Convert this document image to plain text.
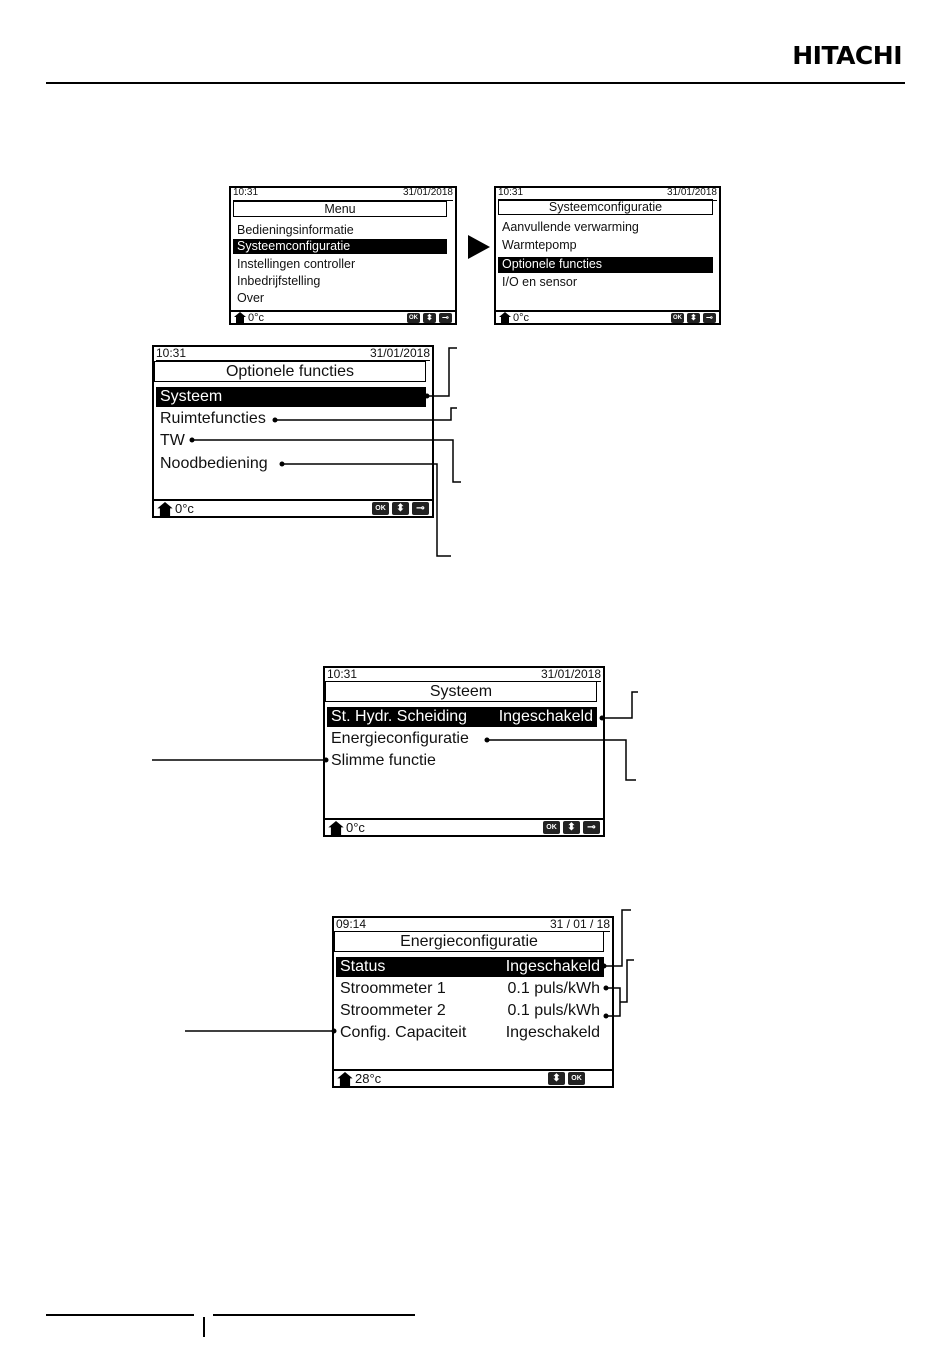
HITACHI
10:31	31/01/2018
Menu
Bedieningsinformatie
Systeemconfiguratie
Instellingen controller
Inbedrijfstelling
Over
0°c	OK	⬍	⊸
10:31	31/01/2018
Systeemconfiguratie
Aanvullende verwarming
Warmtepomp
Optionele functies
I/O en sensor
0°c	OK	⬍	⊸
10:31	31/01/2018
Optionele functies
Systeem
Ruimtefuncties
TW
Noodbediening
0°c	OK	⬍	⊸
10:31	31/01/2018
Systeem
St. Hydr. Scheiding Ingeschakeld
Energieconfiguratie
Slimme functie
0°c	OK	⬍	⊸
09:14	31 / 01 / 18
Energieconfiguratie
Status	Ingeschakeld
Stroommeter 1	0.1 puls/kWh
Stroommeter 2	0.1 puls/kWh
Config. Capaciteit Ingeschakeld
28°c	⬍	OK
